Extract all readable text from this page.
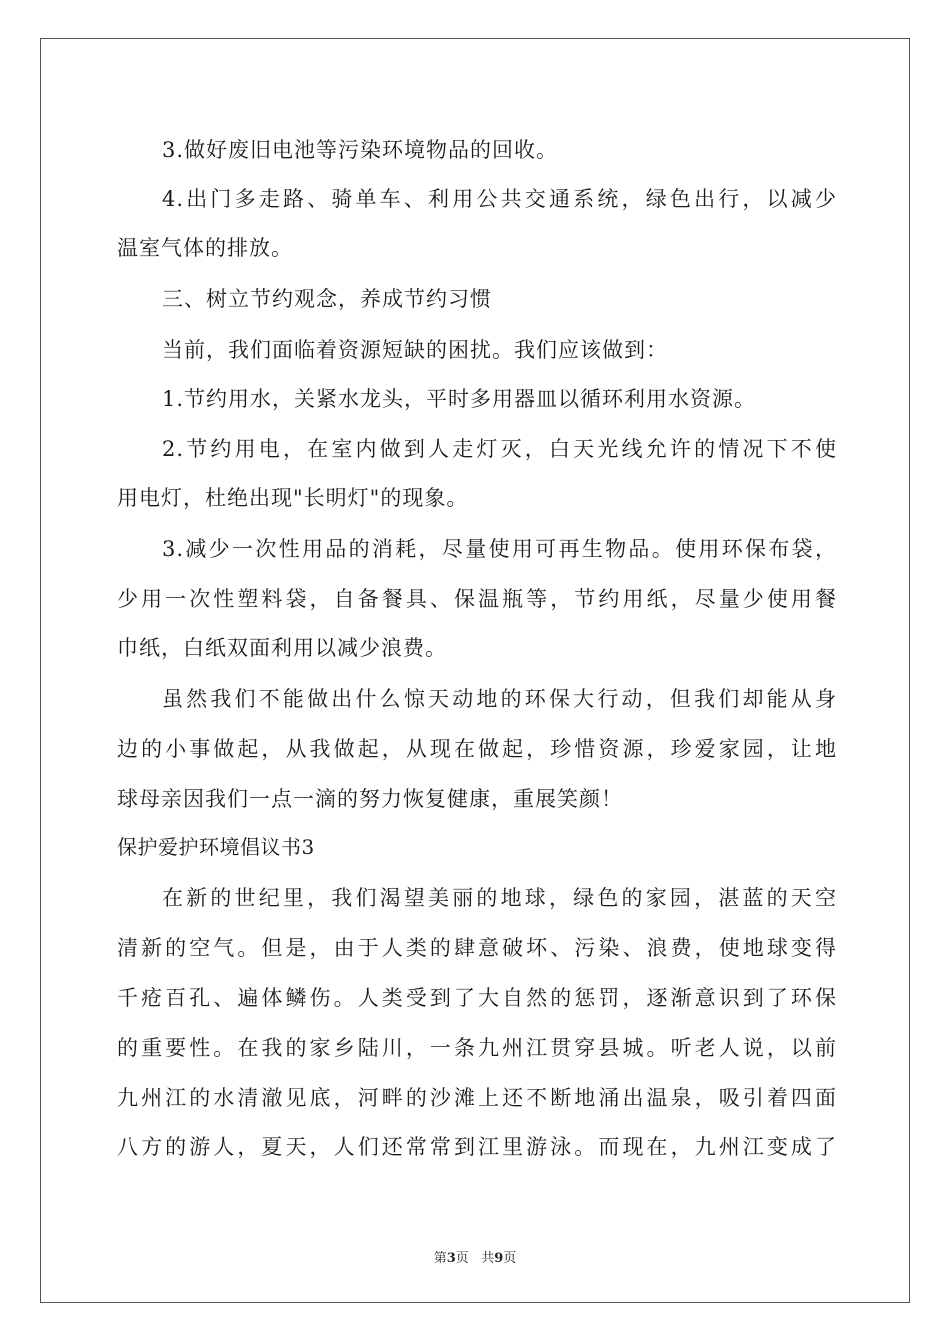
3.做好废旧电池等污染环境物品的回收。
4.出门多走路、骑单车、利用公共交通系统，绿色出行，以减少
温室气体的排放。
三、树立节约观念，养成节约习惯
当前，我们面临着资源短缺的困扰。我们应该做到：
1.节约用水，关紧水龙头，平时多用器皿以循环利用水资源。
2.节约用电，在室内做到人走灯灭，白天光线允许的情况下不使
用电灯，杜绝出现"长明灯"的现象。
3.减少一次性用品的消耗，尽量使用可再生物品。使用环保布袋，
少用一次性塑料袋，自备餐具、保温瓶等，节约用纸，尽量少使用餐
巾纸，白纸双面利用以减少浪费。
虽然我们不能做出什么惊天动地的环保大行动，但我们却能从身
边的小事做起，从我做起，从现在做起，珍惜资源，珍爱家园，让地
球母亲因我们一点一滴的努力恢复健康，重展笑颜！
保护爱护环境倡议书3
在新的世纪里，我们渴望美丽的地球，绿色的家园，湛蓝的天空
清新的空气。但是，由于人类的肆意破坏、污染、浪费，使地球变得
千疮百孔、遍体鳞伤。人类受到了大自然的惩罚，逐渐意识到了环保
的重要性。在我的家乡陆川，一条九州江贯穿县城。听老人说，以前
九州江的水清澈见底，河畔的沙滩上还不断地涌出温泉，吸引着四面
八方的游人，夏天，人们还常常到江里游泳。而现在，九州江变成了
第3页 共9页
